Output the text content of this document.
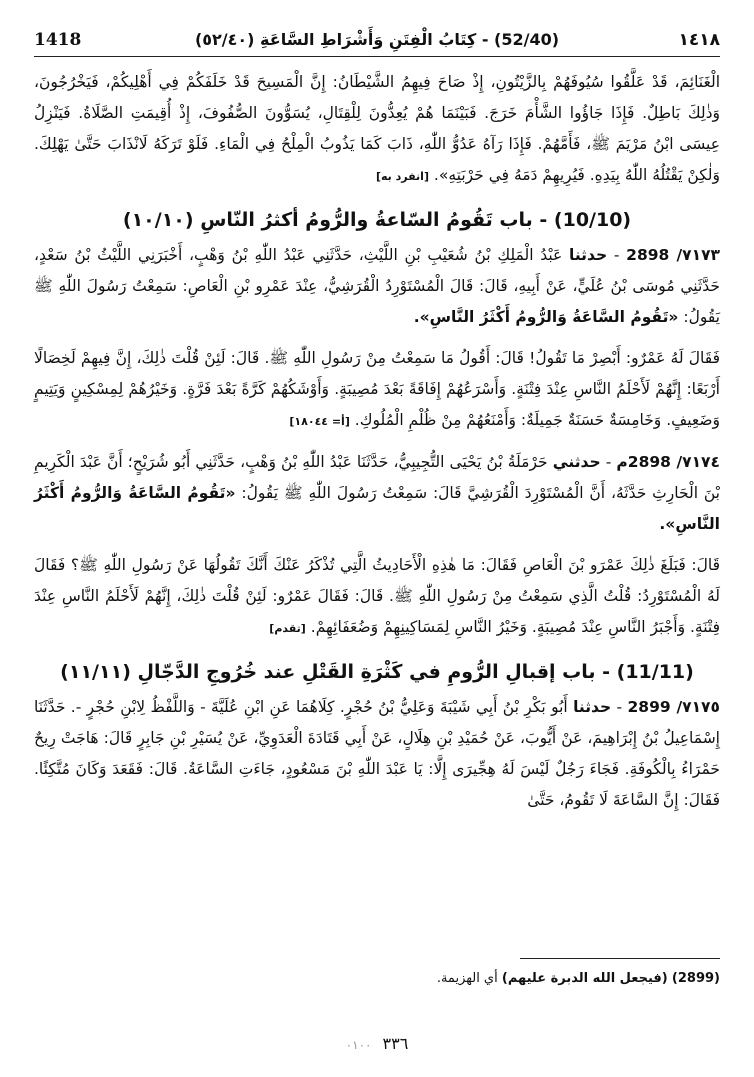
1418	(52/40) - كِتَابُ الْفِتَنِ وَأَشْرَاطِ السَّاعَةِ (٥٢/٤٠)	١٤١٨

الْغَنَائِمَ، قَدْ عَلَّقُوا سُيُوفَهُمْ بِالزَّيْتُونِ، إِذْ صَاحَ فِيهِمُ الشَّيْطَانُ: إِنَّ الْمَسِيحَ قَدْ خَلَفَكُمْ فِي أَهْلِيكُمْ، فَيَخْرُجُونَ، وَذٰلِكَ بَاطِلٌ. فَإِذَا جَاؤُوا الشَّأْمَ خَرَجَ. فَبَيْنَمَا هُمْ يُعِدُّونَ لِلْقِتَالِ، يُسَوُّونَ الصُّفُوفَ، إِذْ أُقِيمَتِ الصَّلَاةُ. فَيَنْزِلُ عِيسَى ابْنُ مَرْيَمَ ﷺ، فَأَمَّهُمْ. فَإِذَا رَآهُ عَدُوُّ اللّٰهِ، ذَابَ كَمَا يَذُوبُ الْمِلْحُ فِي الْمَاءِ. فَلَوْ تَرَكَهُ لَانْذَابَ حَتَّىٰ يَهْلِكَ. وَلٰكِنْ يَقْتُلُهُ اللّٰهُ بِيَدِهِ. فَيُرِيهِمْ دَمَهُ فِي حَرْبَتِهِ». [انفرد به]

(10/10) - باب تَقُومُ السّاعةُ والرُّومُ أكثرُ النّاسِ (١٠/١٠)

٧١٧٣/ 2898 - حدثنا عَبْدُ الْمَلِكِ بْنُ شُعَيْبِ بْنِ اللَّيْثِ، حَدَّثَنِي عَبْدُ اللّٰهِ بْنُ وَهْبٍ، أَخْبَرَنِي اللَّيْثُ بْنُ سَعْدٍ، حَدَّثَنِي مُوسَى بْنُ عُلَيٍّ، عَنْ أَبِيهِ، قَالَ: قَالَ الْمُسْتَوْرِدُ الْقُرَشِيُّ، عِنْدَ عَمْرِو بْنِ الْعَاصِ: سَمِعْتُ رَسُولَ اللّٰهِ ﷺ يَقُولُ: «تَقُومُ السَّاعَةُ وَالرُّومُ أَكْثَرُ النَّاسِ».

فَقَالَ لَهُ عَمْرٌو: أَبْصِرْ مَا تَقُولُ! قَالَ: أَقُولُ مَا سَمِعْتُ مِنْ رَسُولِ اللّٰهِ ﷺ. قَالَ: لَئِنْ قُلْتَ ذٰلِكَ، إِنَّ فِيهِمْ لَخِصَالًا أَرْبَعًا: إِنَّهُمْ لَأَحْلَمُ النَّاسِ عِنْدَ فِتْنَةٍ. وَأَسْرَعُهُمْ إِفَاقَةً بَعْدَ مُصِيبَةٍ. وَأَوْشَكُهُمْ كَرَّةً بَعْدَ فَرَّةٍ. وَخَيْرُهُمْ لِمِسْكِينٍ وَيَتِيمٍ وَضَعِيفٍ. وَخَامِسَةٌ حَسَنَةٌ جَمِيلَةٌ: وَأَمْنَعُهُمْ مِنْ ظُلْمِ الْمُلُوكِ. [أ= ١٨٠٤٤]

٧١٧٤/ 2898م - حدثني حَرْمَلَةُ بْنُ يَحْيَى التُّجِيبِيُّ، حَدَّثَنَا عَبْدُ اللّٰهِ بْنُ وَهْبٍ، حَدَّثَنِي أَبُو شُرَيْحٍ؛ أَنَّ عَبْدَ الْكَرِيمِ بْنَ الْحَارِثِ حَدَّثَهُ، أَنَّ الْمُسْتَوْرِدَ الْقُرَشِيَّ قَالَ: سَمِعْتُ رَسُولَ اللّٰهِ ﷺ يَقُولُ: «تَقُومُ السَّاعَةُ وَالرُّومُ أَكْثَرُ النَّاسِ».

قَالَ: فَبَلَغَ ذٰلِكَ عَمْرَو بْنَ الْعَاصِ فَقَالَ: مَا هٰذِهِ الْأَحَادِيثُ الَّتِي تُذْكَرُ عَنْكَ أَنَّكَ تَقُولُهَا عَنْ رَسُولِ اللّٰهِ ﷺ؟ فَقَالَ لَهُ الْمُسْتَوْرِدُ: قُلْتُ الَّذِي سَمِعْتُ مِنْ رَسُولِ اللّٰهِ ﷺ. قَالَ: فَقَالَ عَمْرٌو: لَئِنْ قُلْتَ ذٰلِكَ، إِنَّهُمْ لَأَحْلَمُ النَّاسِ عِنْدَ فِتْنَةٍ. وَأَجْبَرُ النَّاسِ عِنْدَ مُصِيبَةٍ. وَخَيْرُ النَّاسِ لِمَسَاكِينِهِمْ وَضُعَفَائِهِمْ. [تقدم]

(11/11) - باب إقبالِ الرُّومِ في كَثْرَةِ القَتْلِ عند خُرُوجِ الدَّجّالِ (١١/١١)

٧١٧٥/ 2899 - حدثنا أَبُو بَكْرِ بْنُ أَبِي شَيْبَةَ وَعَلِيُّ بْنُ حُجْرٍ. كِلَاهُمَا عَنِ ابْنِ عُلَيَّةَ - وَاللَّفْظُ لِابْنِ حُجْرٍ -. حَدَّثَنَا إِسْمَاعِيلُ بْنُ إِبْرَاهِيمَ، عَنْ أَيُّوبَ، عَنْ حُمَيْدِ بْنِ هِلَالٍ، عَنْ أَبِي قَتَادَةَ الْعَدَوِيِّ، عَنْ يُسَيْرِ بْنِ جَابِرٍ قَالَ: هَاجَتْ رِيحٌ حَمْرَاءُ بِالْكُوفَةِ. فَجَاءَ رَجُلٌ لَيْسَ لَهُ هِجِّيرَى إِلَّا: يَا عَبْدَ اللّٰهِ بْنَ مَسْعُودٍ، جَاءَتِ السَّاعَةُ. قَالَ: فَقَعَدَ وَكَانَ مُتَّكِئًا. فَقَالَ: إِنَّ السَّاعَةَ لَا تَقُومُ، حَتَّىٰ

(2899) (فيجعل الله الدبرة عليهم) أي الهزيمة.
٣٣٦ ٠١٠٠
